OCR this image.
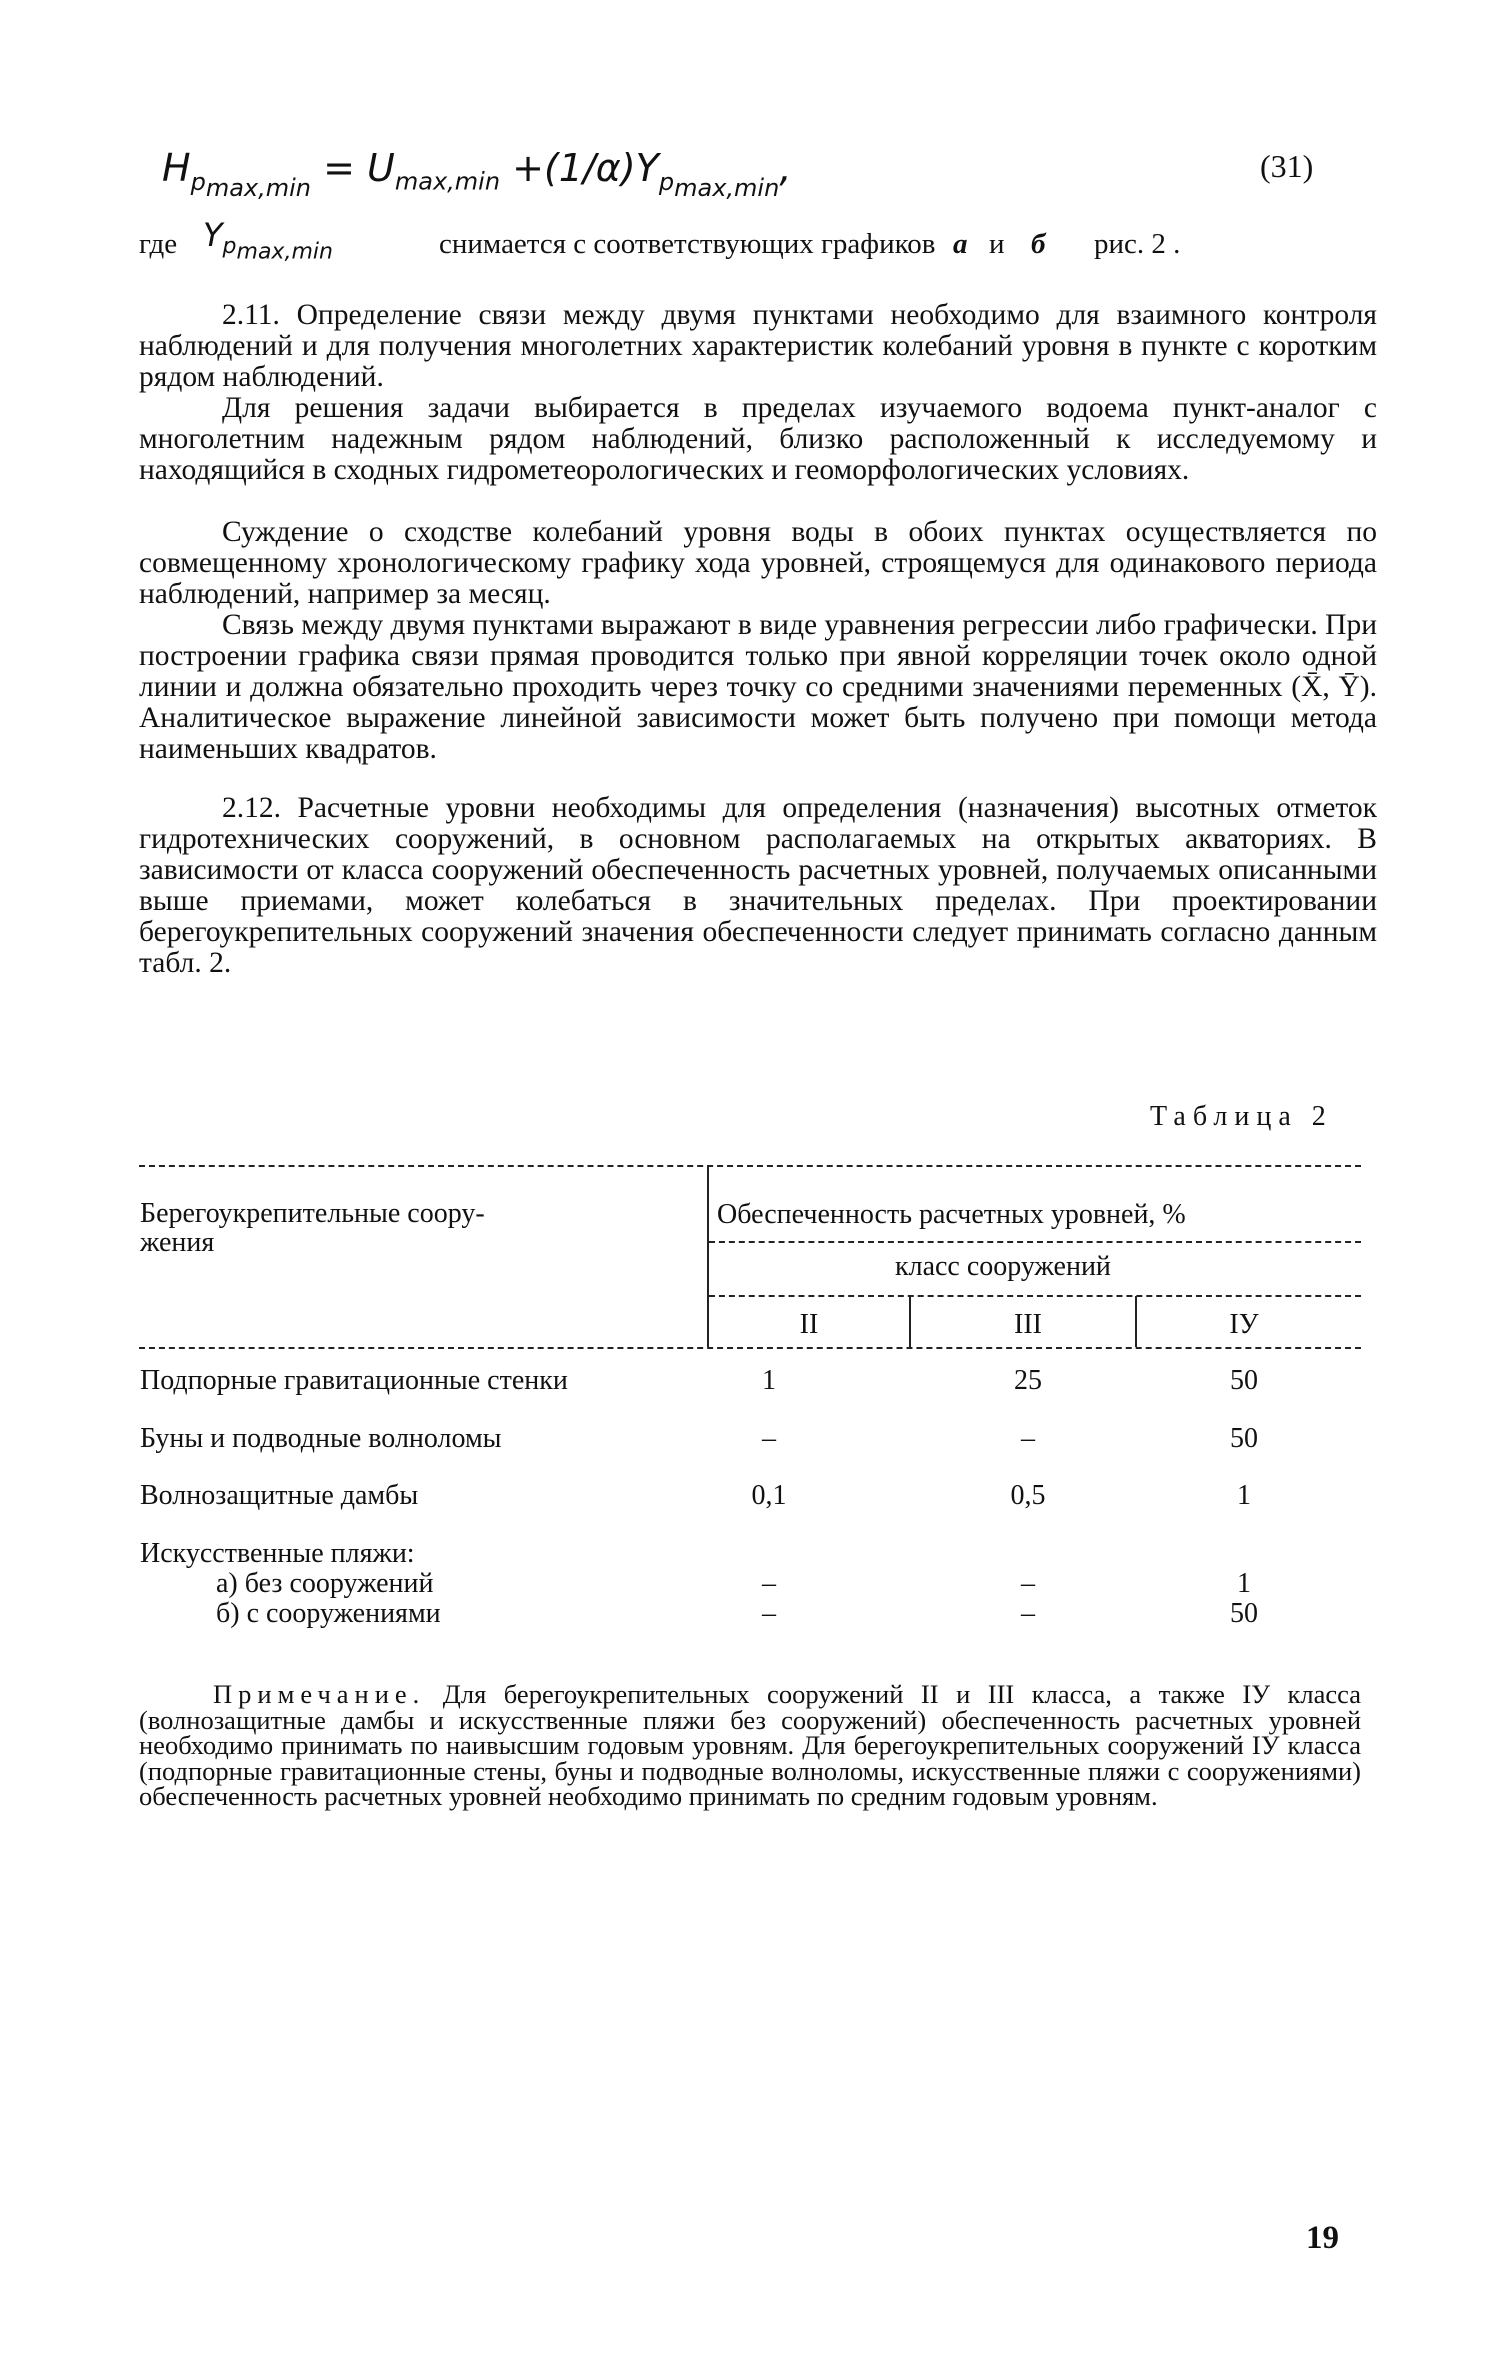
$H_{p_{max,min}} = U_{max,min} +(1/\alpha)Y_{p_{max,min}}$,	(31)
где $Y_{p_{max,min}}$	снимается с соответствующих графиков а и б рис. 2 .

2.11. Определение связи между двумя пунктами необходимо для взаимного контроля наблюдений и для получения многолетних характеристик колебаний уровня в пункте с коротким рядом наблюдений.

Для решения задачи выбирается в пределах изучаемого водоема пункт-аналог с многолетним надежным рядом наблюдений, близко расположенный к исследуемому и находящийся в сходных гидрометеорологических и геоморфологических условиях.

Суждение о сходстве колебаний уровня воды в обоих пунктах осуществляется по совмещенному хронологическому графику хода уровней, строящемуся для одинакового периода наблюдений, например за месяц.

Связь между двумя пунктами выражают в виде уравнения регрессии либо графически. При построении графика связи прямая проводится только при явной корреляции точек около одной линии и должна обязательно проходить через точку со средними значениями переменных (X̄, Ȳ). Аналитическое выражение линейной зависимости может быть получено при помощи метода наименьших квадратов.

2.12. Расчетные уровни необходимы для определения (назначения) высотных отметок гидротехнических сооружений, в основном располагаемых на открытых акваториях. В зависимости от класса сооружений обеспеченность расчетных уровней, получаемых описанными выше приемами, может колебаться в значительных пределах. При проектировании берегоукрепительных сооружений значения обеспеченности следует принимать согласно данным табл. 2.

Таблица 2
Берегоукрепительные соору-
жения
Обеспеченность расчетных уровней, %
класс сооружений
II	III	IУ
Подпорные гравитационные стенки	1	25	50
Буны и подводные волноломы	–	–	50
Волнозащитные дамбы	0,1	0,5	1
Искусственные пляжи:
а) без сооружений	–	–	1
б) с сооружениями	–	–	50

Примечание. Для берегоукрепительных сооружений II и III класса, а также IУ класса (волнозащитные дамбы и искусственные пляжи без сооружений) обеспеченность расчетных уровней необходимо принимать по наивысшим годовым уровням. Для берегоукрепительных сооружений IУ класса (подпорные гравитационные стены, буны и подводные волноломы, искусственные пляжи с сооружениями) обеспеченность расчетных уровней необходимо принимать по средним годовым уровням.

19
